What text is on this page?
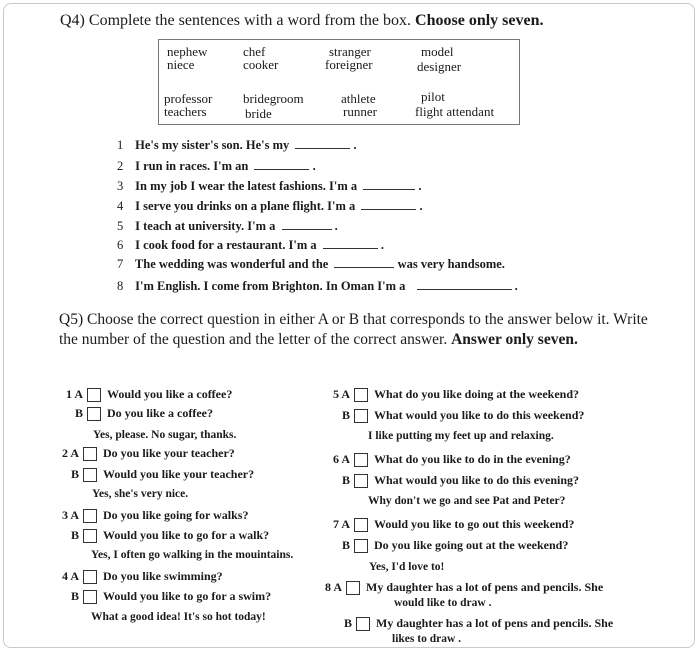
Q4) Complete the sentences with a word from the box. Choose only seven.
nephew
niece
chef
cooker
stranger
foreigner
model
designer
professor
teachers
bridegroom
bride
athlete
runner
pilot
flight attendant
1 He's my sister's son. He's my	.
2 I run in races. I'm an	.
3 In my job I wear the latest fashions. I'm a	.
4 I serve you drinks on a plane flight. I'm a	.
5 I teach at university. I'm a	.
6 I cook food for a restaurant. I'm a	.
7 The wedding was wonderful and the	was very handsome.
8 I'm English. I come from Brighton. In Oman I'm a	.
Q5) Choose the correct question in either A or B that corresponds to the answer below it. Write the number of the question and the letter of the correct answer. Answer only seven.
1 A Would you like a coffee?
B Do you like a coffee?
Yes, please. No sugar, thanks.
2 A Do you like your teacher?
B Would you like your teacher?
Yes, she's very nice.
3 A Do you like going for walks?
B Would you like to go for a walk?
Yes, I often go walking in the mouintains.
4 A Do you like swimming?
B Would you like to go for a swim?
What a good idea! It's so hot today!
5 A What do you like doing at the weekend?
B What would you like to do this weekend?
I like putting my feet up and relaxing.
6 A What do you like to do in the evening?
B What would you like to do this evening?
Why don't we go and see Pat and Peter?
7 A Would you like to go out this weekend?
B Do you like going out at the weekend?
Yes, I'd love to!
8 A My daughter has a lot of pens and pencils. She
would like to draw .
B My daughter has a lot of pens and pencils. She
likes to draw .
